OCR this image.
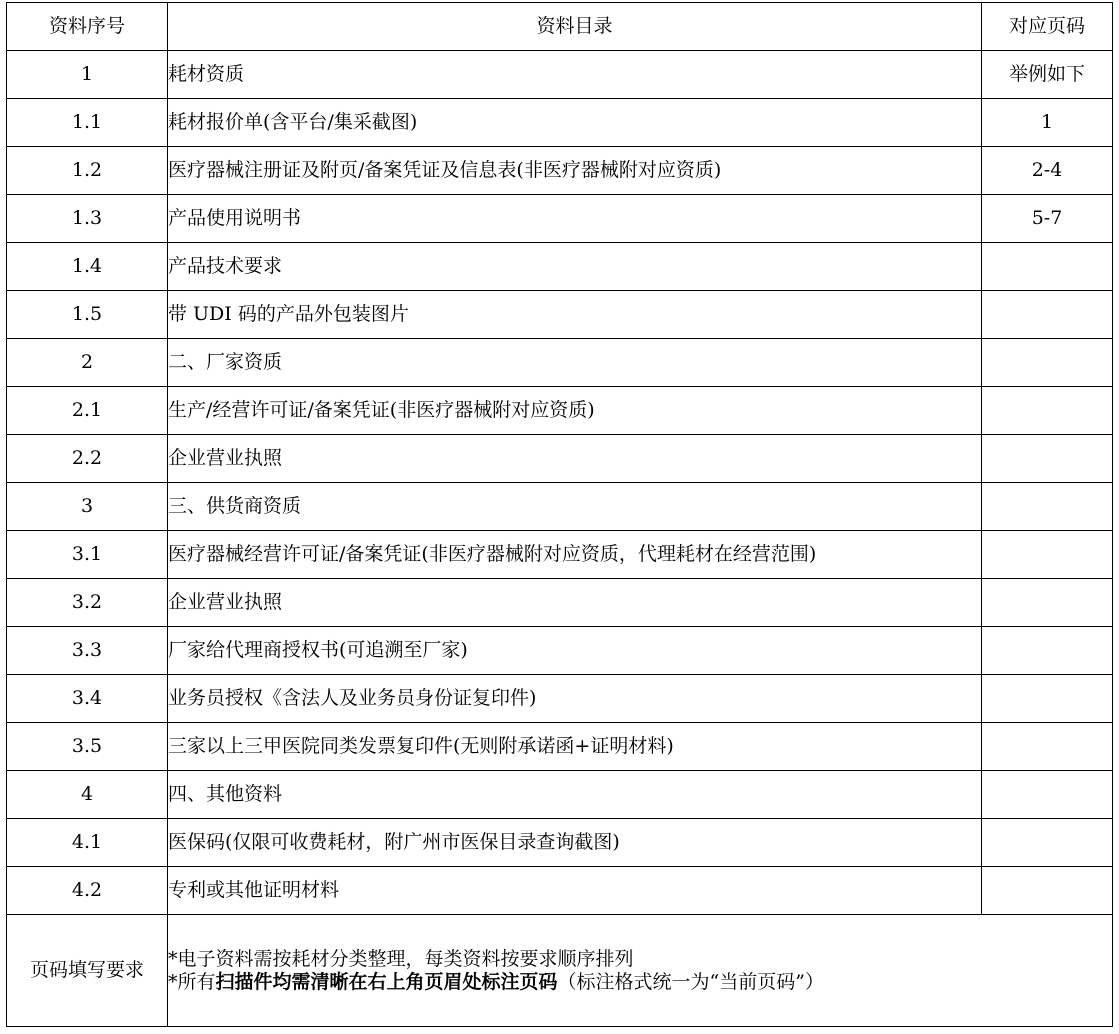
资料序号	资料目录	对应页码
1	耗材资质	举例如下
1.1	耗材报价单(含平台/集采截图)	1
1.2	医疗器械注册证及附页/备案凭证及信息表(非医疗器械附对应资质)	2-4
1.3	产品使用说明书	5-7
1.4	产品技术要求	
1.5	带 UDI 码的产品外包装图片	
2	二、厂家资质	
2.1	生产/经营许可证/备案凭证(非医疗器械附对应资质)	
2.2	企业营业执照	
3	三、供货商资质	
3.1	医疗器械经营许可证/备案凭证(非医疗器械附对应资质，代理耗材在经营范围)	
3.2	企业营业执照	
3.3	厂家给代理商授权书(可追溯至厂家)	
3.4	业务员授权《含法人及业务员身份证复印件)	
3.5	三家以上三甲医院同类发票复印件(无则附承诺函+证明材料)	
4	四、其他资料	
4.1	医保码(仅限可收费耗材，附广州市医保目录查询截图)	
4.2	专利或其他证明材料	
页码填写要求	*电子资料需按耗材分类整理，每类资料按要求顺序排列
*所有扫描件均需清晰在右上角页眉处标注页码（标注格式统一为“当前页码”）	
